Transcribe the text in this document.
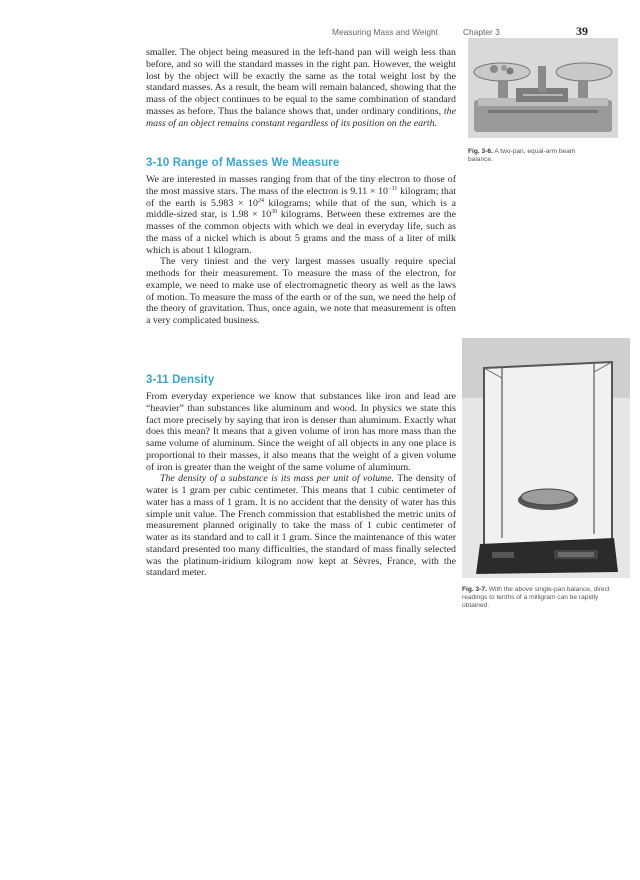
Measuring Mass and Weight	Chapter 3	39

smaller. The object being measured in the left-hand pan will weigh less than before, and so will the standard masses in the right pan. However, the weight lost by the object will be exactly the same as the total weight lost by the standard masses. As a result, the beam will remain balanced, showing that the mass of the object continues to be equal to the same combination of standard masses as before. Thus the balance shows that, under ordinary conditions, the mass of an object remains constant regardless of its position on the earth.

3-10 Range of Masses We Measure

We are interested in masses ranging from that of the tiny electron to those of the most massive stars. The mass of the electron is $9.11 \times 10^{-31}$ kilogram; that of the earth is $5.983 \times 10^{24}$ kilograms; while that of the sun, which is a middle-sized star, is $1.98 \times 10^{30}$ kilograms. Between these extremes are the masses of the common objects with which we deal in everyday life, such as the mass of a nickel which is about 5 grams and the mass of a liter of milk which is about 1 kilogram.

The very tiniest and the very largest masses usually require special methods for their measurement. To measure the mass of the electron, for example, we need to make use of electromagnetic theory as well as the laws of motion. To measure the mass of the earth or of the sun, we need the help of the theory of gravitation. Thus, once again, we note that measurement is often a very complicated business.

3-11 Density

From everyday experience we know that substances like iron and lead are “heavier” than substances like aluminum and wood. In physics we state this fact more precisely by saying that iron is denser than aluminum. Exactly what does this mean? It means that a given volume of iron has more mass than the same volume of aluminum. Since the weight of all objects in any one place is proportional to their masses, it also means that the weight of a given volume of iron is greater than the weight of the same volume of aluminum.

The density of a substance is its mass per unit of volume. The density of water is 1 gram per cubic centimeter. This means that 1 cubic centimeter of water has a mass of 1 gram. It is no accident that the density of water has this simple unit value. The French commission that established the metric units of measurement planned originally to take the mass of 1 cubic centimeter of water as its standard and to call it 1 gram. Since the maintenance of this water standard presented too many difficulties, the standard of mass finally selected was the platinum-iridium kilogram now kept at Sèvres, France, with the standard meter.

Fig. 3-6. A two-pan, equal-arm beam balance.
Fig. 3-7. With the above single-pan balance, direct readings to tenths of a milligram can be rapidly obtained.
